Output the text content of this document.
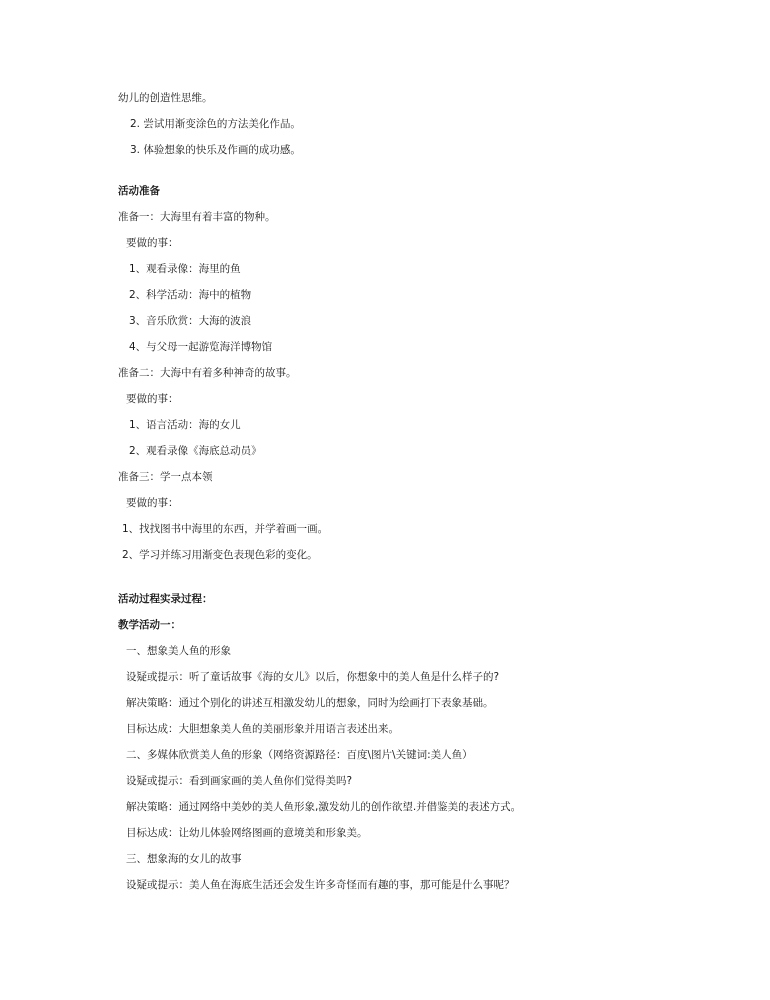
幼儿的创造性思维。
2. 尝试用渐变涂色的方法美化作品。
3. 体验想象的快乐及作画的成功感。
活动准备
准备一：大海里有着丰富的物种。
要做的事：
1、观看录像：海里的鱼
2、科学活动：海中的植物
3、音乐欣赏：大海的波浪
4、与父母一起游览海洋博物馆
准备二：大海中有着多种神奇的故事。
要做的事：
1、语言活动：海的女儿
2、观看录像《海底总动员》
准备三：学一点本领
要做的事：
1、找找图书中海里的东西，并学着画一画。
2、学习并练习用渐变色表现色彩的变化。
活动过程实录过程：
教学活动一：
一、想象美人鱼的形象
设疑或提示：听了童话故事《海的女儿》以后，你想象中的美人鱼是什么样子的?
解决策略：通过个别化的讲述互相激发幼儿的想象，同时为绘画打下表象基础。
目标达成：大胆想象美人鱼的美丽形象并用语言表述出来。
二、多媒体欣赏美人鱼的形象（网络资源路径：百度\图片\关键词:美人鱼）
设疑或提示：看到画家画的美人鱼你们觉得美吗?
解决策略：通过网络中美妙的美人鱼形象,激发幼儿的创作欲望.并借鉴美的表述方式。
目标达成：让幼儿体验网络图画的意境美和形象美。
三、想象海的女儿的故事
设疑或提示：美人鱼在海底生活还会发生许多奇怪而有趣的事，那可能是什么事呢？
